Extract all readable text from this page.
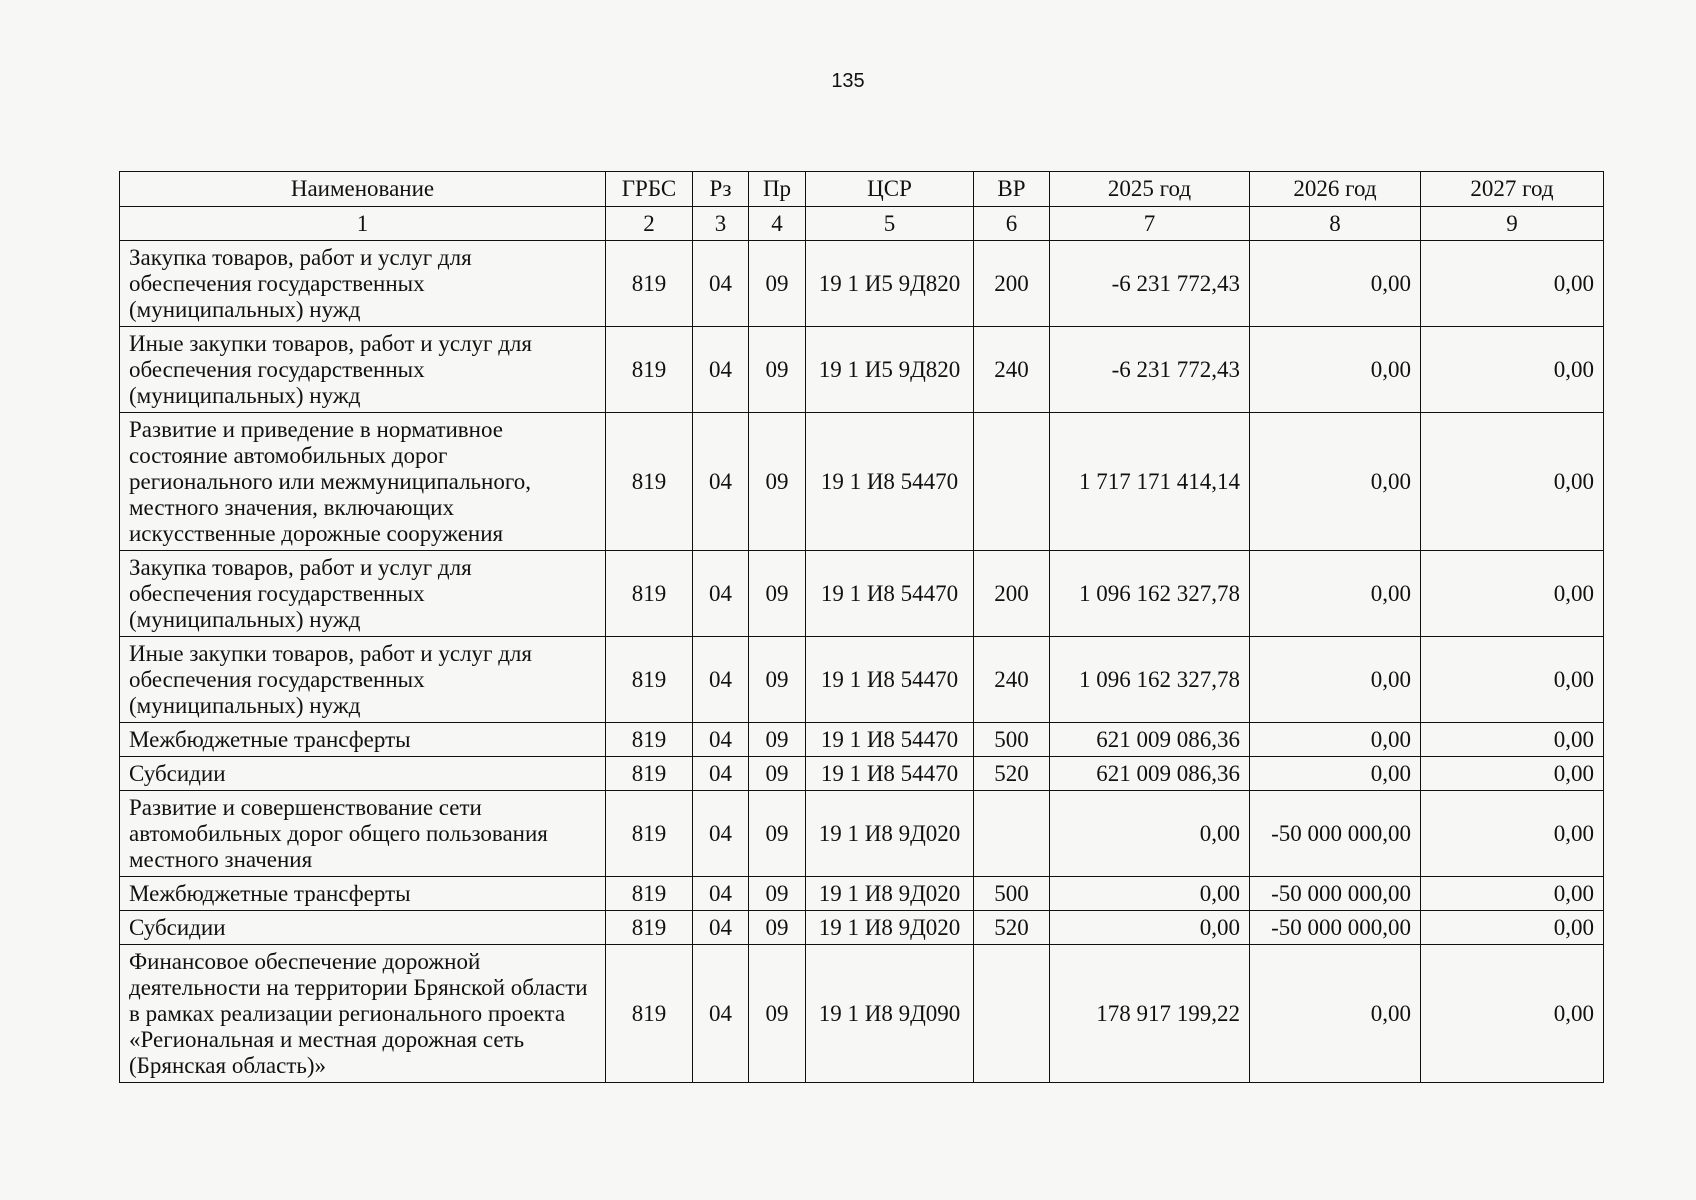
135
Наименование	ГРБС	Рз	Пр	ЦСР	ВР	2025 год	2026 год	2027 год
1	2	3	4	5	6	7	8	9
Закупка товаров, работ и услуг для обеспечения государственных (муниципальных) нужд	819	04	09	19 1 И5 9Д820	200	-6 231 772,43	0,00	0,00
Иные закупки товаров, работ и услуг для обеспечения государственных (муниципальных) нужд	819	04	09	19 1 И5 9Д820	240	-6 231 772,43	0,00	0,00
Развитие и приведение в нормативное состояние автомобильных дорог регионального или межмуниципального, местного значения, включающих искусственные дорожные сооружения	819	04	09	19 1 И8 54470		1 717 171 414,14	0,00	0,00
Закупка товаров, работ и услуг для обеспечения государственных (муниципальных) нужд	819	04	09	19 1 И8 54470	200	1 096 162 327,78	0,00	0,00
Иные закупки товаров, работ и услуг для обеспечения государственных (муниципальных) нужд	819	04	09	19 1 И8 54470	240	1 096 162 327,78	0,00	0,00
Межбюджетные трансферты	819	04	09	19 1 И8 54470	500	621 009 086,36	0,00	0,00
Субсидии	819	04	09	19 1 И8 54470	520	621 009 086,36	0,00	0,00
Развитие и совершенствование сети автомобильных дорог общего пользования местного значения	819	04	09	19 1 И8 9Д020		0,00	-50 000 000,00	0,00
Межбюджетные трансферты	819	04	09	19 1 И8 9Д020	500	0,00	-50 000 000,00	0,00
Субсидии	819	04	09	19 1 И8 9Д020	520	0,00	-50 000 000,00	0,00
Финансовое обеспечение дорожной деятельности на территории Брянской области в рамках реализации регионального проекта «Региональная и местная дорожная сеть (Брянская область)»	819	04	09	19 1 И8 9Д090		178 917 199,22	0,00	0,00
